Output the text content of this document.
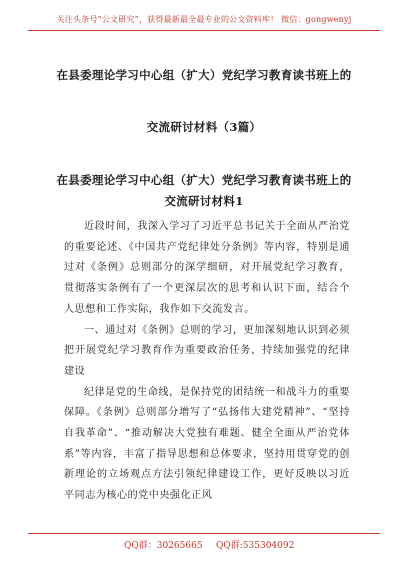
关注头条号“公文研究”，获得最新最全最专业的公文资料库！ 微信：gongwenyj
在县委理论学习中心组（扩大）党纪学习教育读书班上的
交流研讨材料（3篇）
在县委理论学习中心组（扩大）党纪学习教育读书班上的
交流研讨材料1

近段时间，我深入学习了习近平总书记关于全面从严治党的重要论述、《中国共产党纪律处分条例》等内容，特别是通过对《条例》总则部分的深学细研，对开展党纪学习教育，贯彻落实条例有了一个更深层次的思考和认识下面，结合个人思想和工作实际，我作如下交流发言。

一、通过对《条例》总则的学习，更加深刻地认识到必须把开展党纪学习教育作为重要政治任务，持续加强党的纪律建设

纪律是党的生命线，是保持党的团结统一和战斗力的重要保障。《条例》总则部分增写了“弘扬伟大建党精神”、“坚持自我革命”、“推动解决大党独有难题、健全全面从严治党体系”等内容，丰富了指导思想和总体要求，坚持用贯穿党的创新理论的立场观点方法引领纪律建设工作，更好反映以习近平同志为核心的党中央强化正风

QQ群：30265665 QQ群:535304092
